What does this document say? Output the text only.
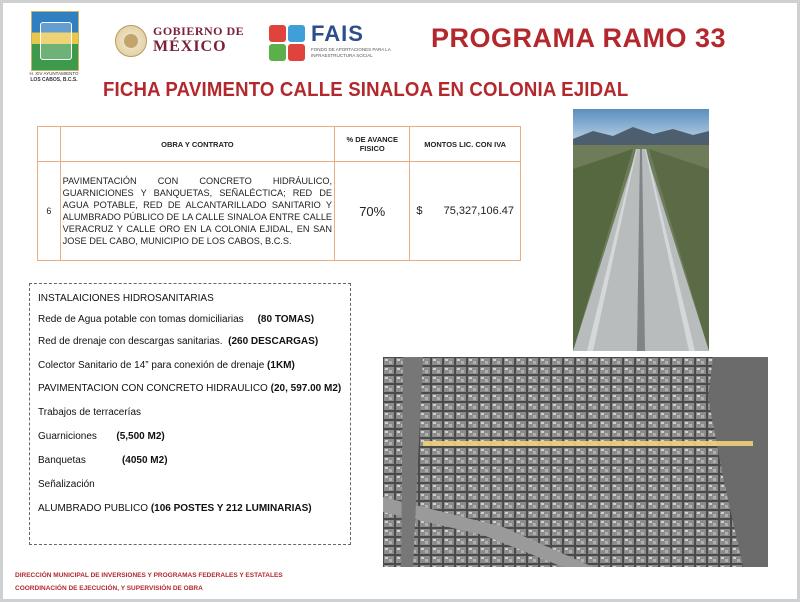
H. XIV AYUNTAMIENTO
LOS CABOS, B.C.S.
GOBIERNO DE
MÉXICO
FAIS
FONDO DE APORTACIONES PARA LA INFRAESTRUCTURA SOCIAL
PROGRAMA RAMO 33
FICHA PAVIMENTO CALLE SINALOA EN COLONIA EJIDAL
	OBRA Y CONTRATO	% DE AVANCE FISICO	MONTOS LIC. CON IVA
6	PAVIMENTACIÓN CON CONCRETO HIDRÁULICO, GUARNICIONES Y BANQUETAS, SEÑALÉCTICA; RED DE AGUA POTABLE, RED DE ALCANTARILLADO SANITARIO Y ALUMBRADO PÚBLICO DE LA CALLE SINALOA ENTRE CALLE VERACRUZ Y CALLE ORO EN LA COLONIA EJIDAL, EN SAN JOSE DEL CABO, MUNICIPIO DE LOS CABOS, B.C.S.	70%	$ 75,327,106.47
INSTALAICIONES HIDROSANITARIAS
Rede de Agua potable con tomas domiciliarias (80 TOMAS)
Red de drenaje con descargas sanitarias. (260 DESCARGAS)
Colector Sanitario de 14” para conexión de drenaje (1KM)
PAVIMENTACION CON CONCRETO HIDRAULICO (20, 597.00 M2)
Trabajos de terracerías
Guarniciones (5,500 M2)
Banquetas	(4050 M2)
Señalización
ALUMBRADO PUBLICO (106 POSTES Y 212 LUMINARIAS)
DIRECCIÓN MUNICIPAL DE INVERSIONES Y PROGRAMAS FEDERALES Y ESTATALES
COORDINACIÓN DE EJECUCIÓN, Y SUPERVISIÓN DE OBRA
